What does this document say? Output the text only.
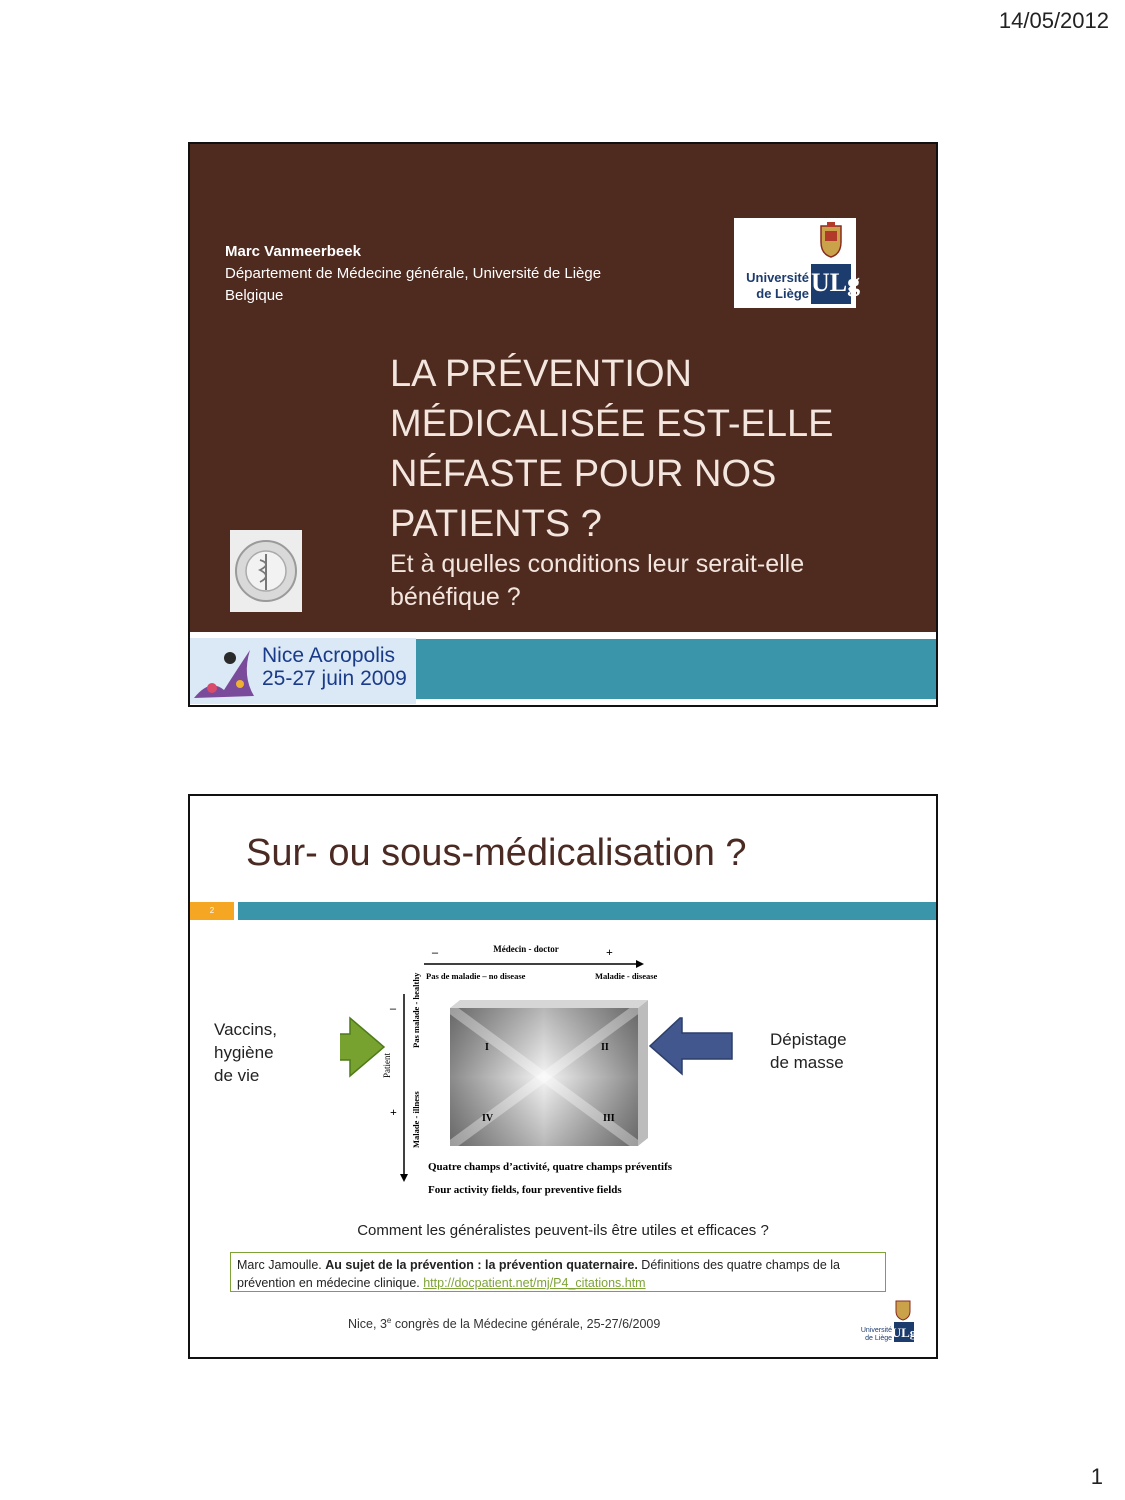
14/05/2012
Marc Vanmeerbeek
Département de Médecine générale, Université de Liège
Belgique
Université
de Liège ULg
LA PRÉVENTION
MÉDICALISÉE EST-ELLE
NÉFASTE POUR NOS
PATIENTS ?
Et à quelles conditions leur serait-elle
bénéfique ?
Nice Acropolis
25-27 juin 2009
Sur- ou sous-médicalisation ?
2
Vaccins,
hygiène
de vie
Dépistage
de masse
Médecin - doctor
–	+
Pas de maladie – no disease	Maladie - disease
–
+
Pas malade - healthy
Patient
Malade - illness
I	II
III
IV
Quatre champs d’activité, quatre champs préventifs
Four activity fields, four preventive fields
Comment les généralistes peuvent-ils être utiles et efficaces ?
Marc Jamoulle. Au sujet de la prévention : la prévention quaternaire. Définitions des quatre champs de la prévention en médecine clinique. http://docpatient.net/mj/P4_citations.htm
Nice, 3e congrès de la Médecine générale, 25-27/6/2009
ULg
Université
de Liège
1
